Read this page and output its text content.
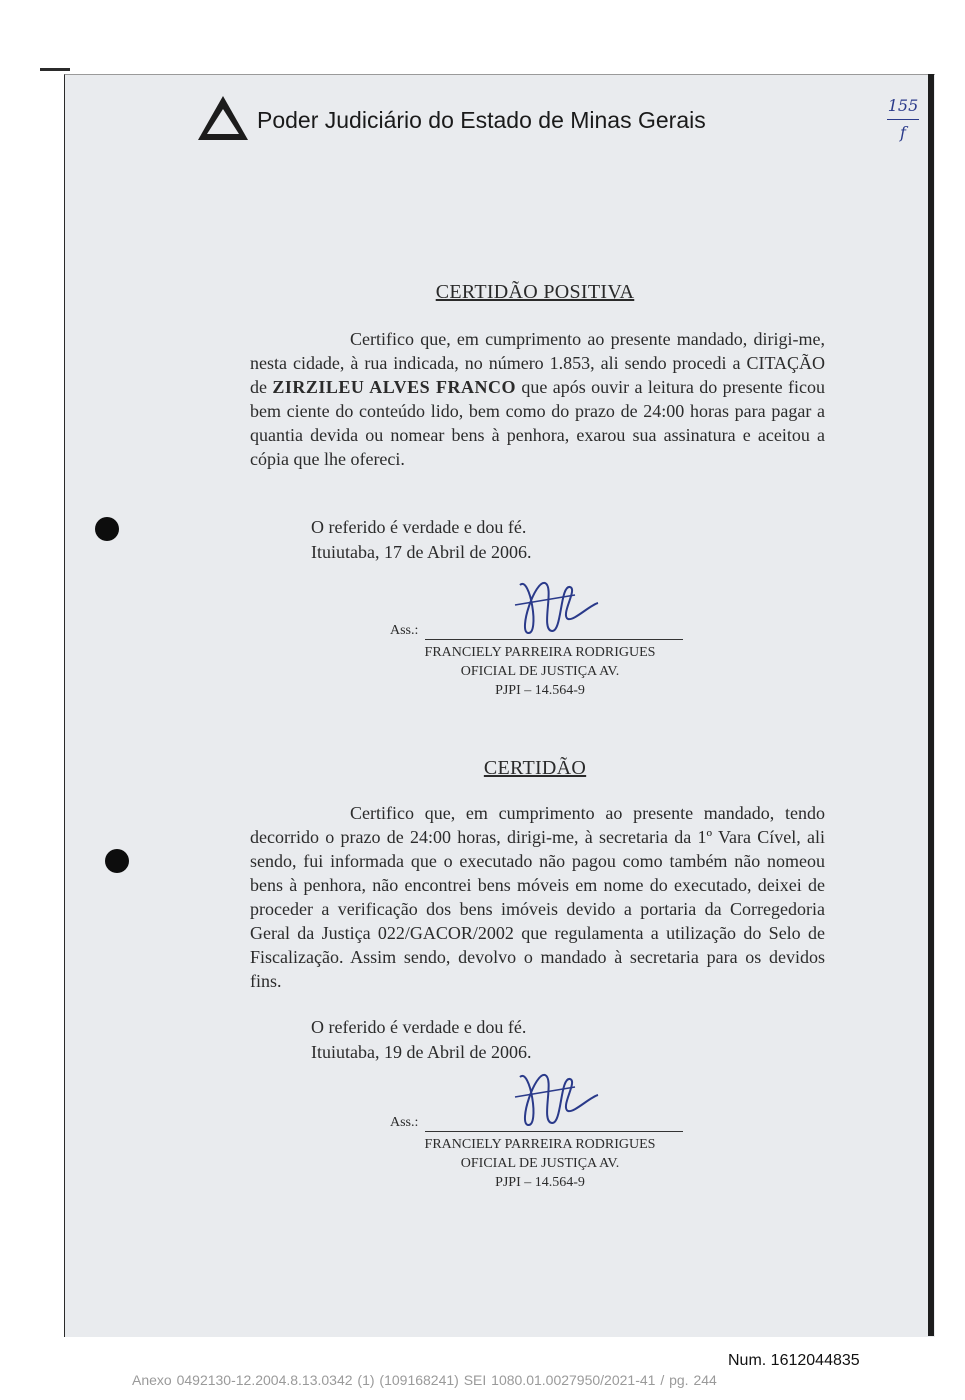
Poder Judiciário do Estado de Minas Gerais
155
f
CERTIDÃO POSITIVA
Certifico que, em cumprimento ao presente mandado, dirigi-me, nesta cidade, à rua indicada, no número 1.853, ali sendo procedi a CITAÇÃO de ZIRZILEU ALVES FRANCO que após ouvir a leitura do presente ficou bem ciente do conteúdo lido, bem como do prazo de 24:00 horas para pagar a quantia devida ou nomear bens à penhora, exarou sua assinatura e aceitou a cópia que lhe ofereci.
O referido é verdade e dou fé.
Ituiutaba, 17 de Abril de 2006.
Ass.:
FRANCIELY PARREIRA RODRIGUES
OFICIAL DE JUSTIÇA AV.
PJPI – 14.564-9
CERTIDÃO
Certifico que, em cumprimento ao presente mandado, tendo decorrido o prazo de 24:00 horas, dirigi-me, à secretaria da 1º Vara Cível, ali sendo, fui informada que o executado não pagou como também não nomeou bens à penhora, não encontrei bens móveis em nome do executado, deixei de proceder a verificação dos bens imóveis devido a portaria da Corregedoria Geral da Justiça 022/GACOR/2002 que regulamenta a utilização do Selo de Fiscalização. Assim sendo, devolvo o mandado à secretaria para os devidos fins.
O referido é verdade e dou fé.
Ituiutaba, 19 de Abril de 2006.
Ass.:
FRANCIELY PARREIRA RODRIGUES
OFICIAL DE JUSTIÇA AV.
PJPI – 14.564-9
Num. 1612044835
Anexo 0492130-12.2004.8.13.0342 (1) (109168241) SEI 1080.01.0027950/2021-41 / pg. 244
